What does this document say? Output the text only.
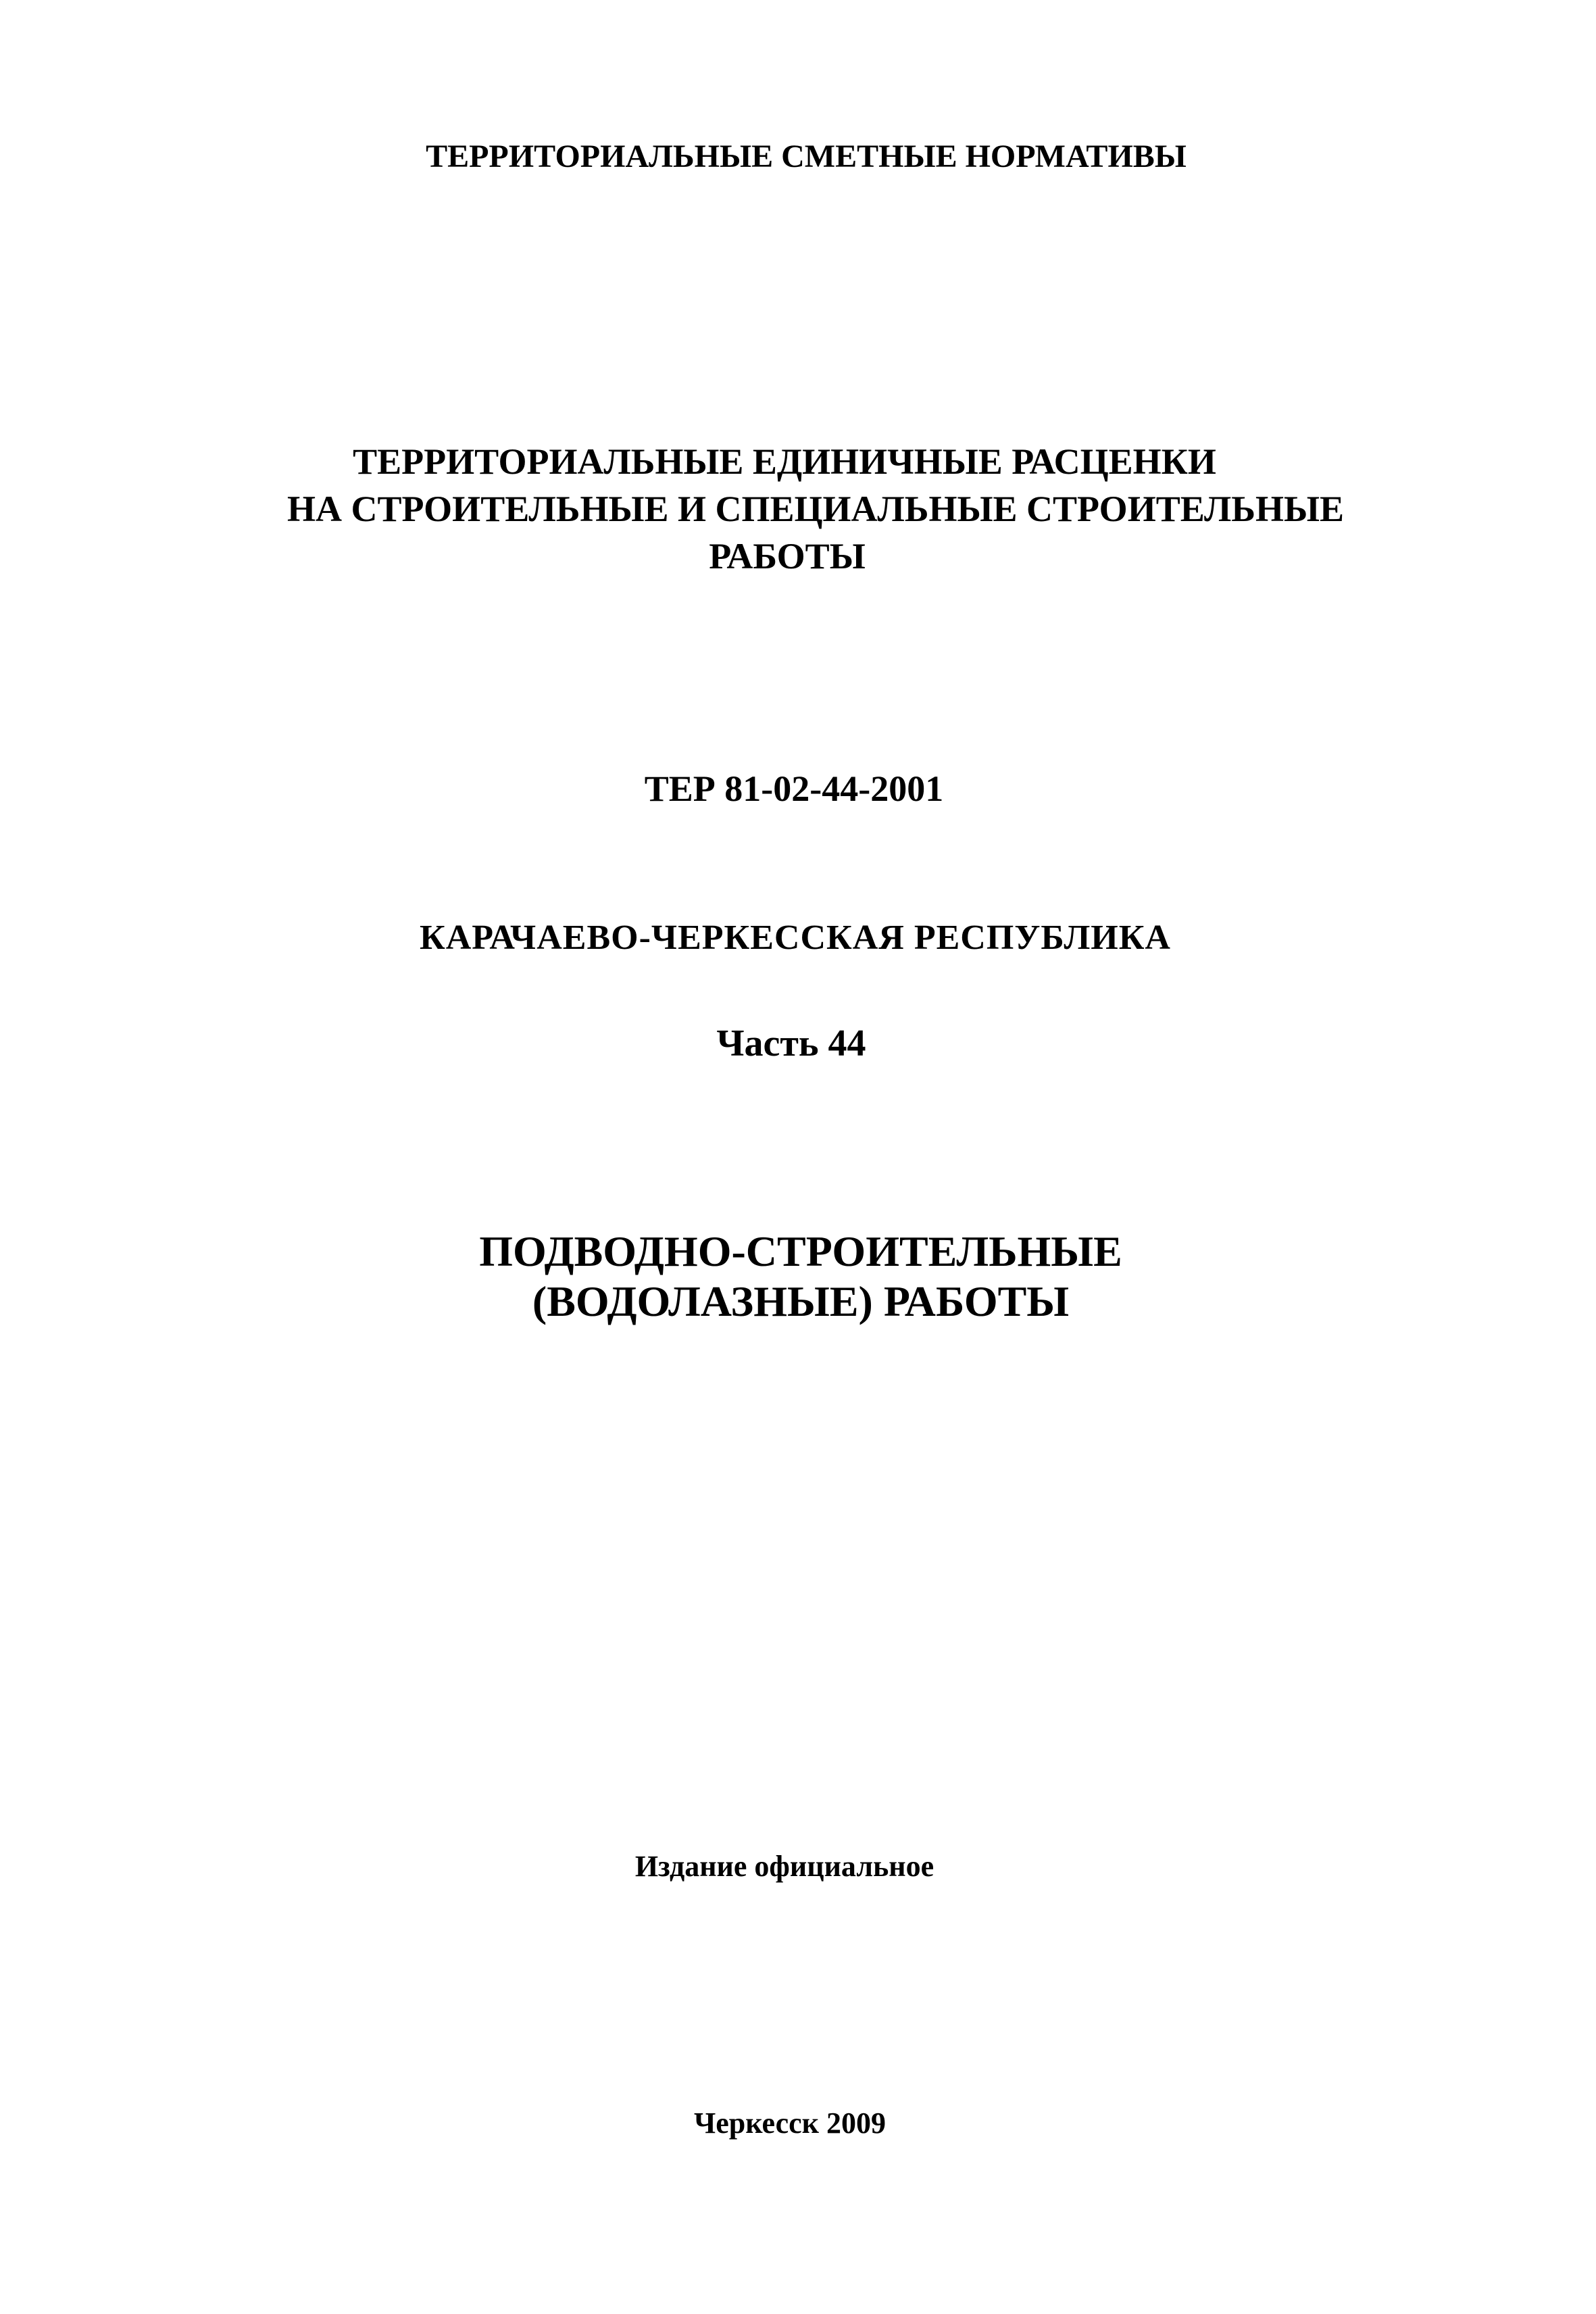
ТЕРРИТОРИАЛЬНЫЕ СМЕТНЫЕ НОРМАТИВЫ
ТЕРРИТОРИАЛЬНЫЕ ЕДИНИЧНЫЕ РАСЦЕНКИ
НА СТРОИТЕЛЬНЫЕ И СПЕЦИАЛЬНЫЕ СТРОИТЕЛЬНЫЕ
РАБОТЫ
ТЕР 81-02-44-2001
КАРАЧАЕВО-ЧЕРКЕССКАЯ РЕСПУБЛИКА
Часть 44
ПОДВОДНО-СТРОИТЕЛЬНЫЕ
(ВОДОЛАЗНЫЕ) РАБОТЫ
Издание официальное
Черкесск 2009
